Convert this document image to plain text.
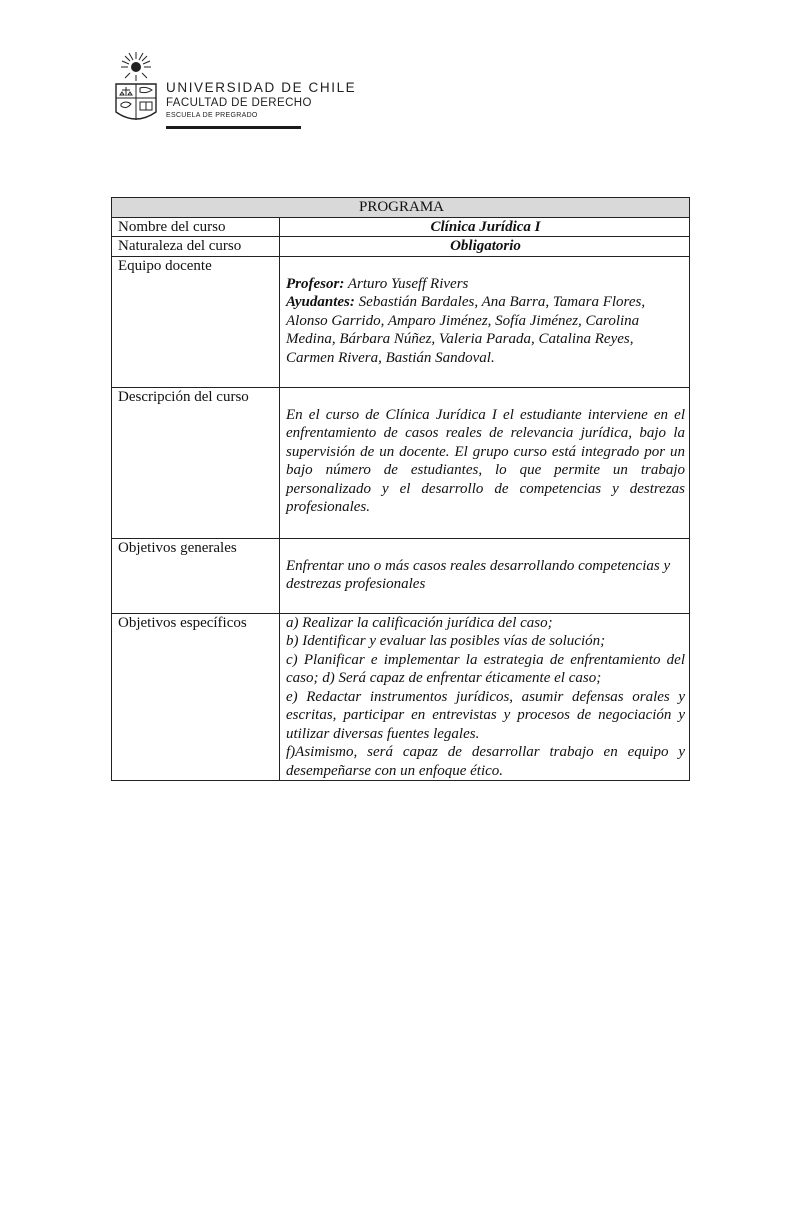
UNIVERSIDAD DE CHILE
FACULTAD DE DERECHO
ESCUELA DE PREGRADO
PROGRAMA	
Nombre del curso	Clínica Jurídica I
Naturaleza del curso	Obligatorio
Equipo docente	Profesor: Arturo Yuseff Rivers
Ayudantes: Sebastián Bardales, Ana Barra, Tamara Flores, Alonso Garrido, Amparo Jiménez, Sofía Jiménez, Carolina Medina, Bárbara Núñez, Valeria Parada, Catalina Reyes, Carmen Rivera, Bastián Sandoval.

Descripción del curso	En el curso de Clínica Jurídica I el estudiante interviene en el enfrentamiento de casos reales de relevancia jurídica, bajo la supervisión de un docente. El grupo curso está integrado por un bajo número de estudiantes, lo que permite un trabajo personalizado y el desarrollo de competencias y destrezas profesionales.

Objetivos generales	Enfrentar uno o más casos reales desarrollando competencias y destrezas profesionales

Objetivos específicos	a) Realizar la calificación jurídica del caso;
b) Identificar y evaluar las posibles vías de solución;
c) Planificar e implementar la estrategia de enfrentamiento del caso; d) Será capaz de enfrentar éticamente el caso;
e) Redactar instrumentos jurídicos, asumir defensas orales y escritas, participar en entrevistas y procesos de negociación y utilizar diversas fuentes legales.
f)Asimismo, será capaz de desarrollar trabajo en equipo y desempeñarse con un enfoque ético.
